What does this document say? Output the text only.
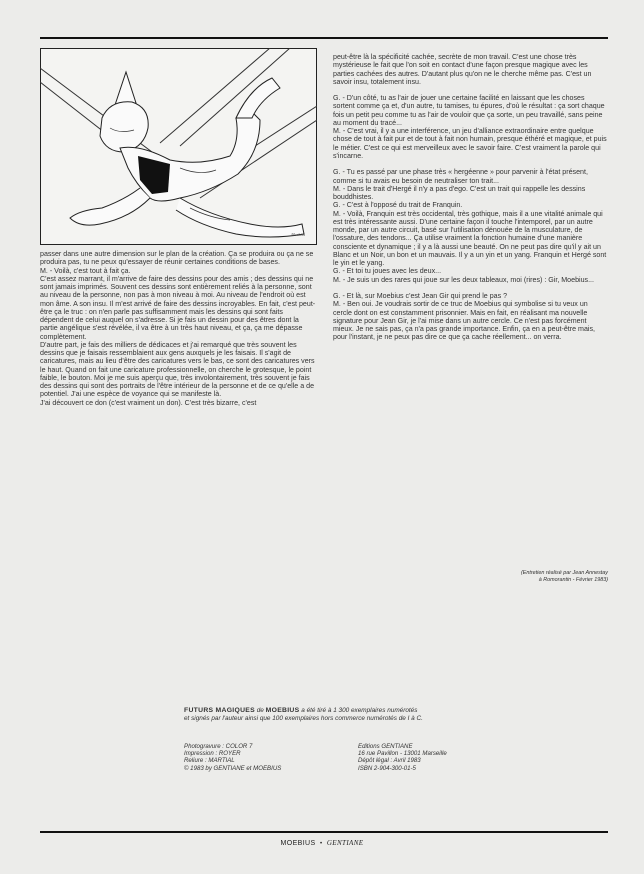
Moebius

passer dans une autre dimension sur le plan de la création. Ça se produira ou ça ne se produira pas, tu ne peux qu'essayer de réunir certaines conditions de bases.

M. - Voilà, c'est tout à fait ça.

C'est assez marrant, il m'arrive de faire des dessins pour des amis ; des dessins qui ne sont jamais imprimés. Souvent ces dessins sont entièrement reliés à la personne, sont au niveau de la personne, non pas à mon niveau à moi. Au niveau de l'endroit où est mon âme. A son insu. Il m'est arrivé de faire des dessins incroyables. En fait, c'est peut-être ça le truc : on n'en parle pas suffisamment mais les dessins qui sont faits dépendent de celui auquel on s'adresse. Si je fais un dessin pour des êtres dont la partie angélique s'est révélée, il va être à un très haut niveau, et ça, ça me dépasse complètement.

D'autre part, je fais des milliers de dédicaces et j'ai remarqué que très souvent les dessins que je faisais ressemblaient aux gens auxquels je les faisais. Il s'agit de caricatures, mais au lieu d'être des caricatures vers le bas, ce sont des caricatures vers le haut. Quand on fait une caricature professionnelle, on cherche le grotesque, le point faible, le bouton. Moi je me suis aperçu que, très involontairement, très souvent je fais des dessins qui sont des portraits de l'être intérieur de la personne et de ce qu'elle a de potentiel. J'ai une espèce de voyance qui se manifeste là.

J'ai découvert ce don (c'est vraiment un don). C'est très bizarre, c'est

peut-être là la spécificité cachée, secrète de mon travail. C'est une chose très mystérieuse le fait que l'on soit en contact d'une façon presque magique avec les parties cachées des autres. D'autant plus qu'on ne le cherche même pas. C'est un savoir insu, totalement insu.

G. - D'un côté, tu as l'air de jouer une certaine facilité en laissant que les choses sortent comme ça et, d'un autre, tu tamises, tu épures, d'où le résultat : ça sort chaque fois un petit peu comme tu as l'air de vouloir que ça sorte, un peu travaillé, sans peine au moment du tracé...

M. - C'est vrai, il y a une interférence, un jeu d'alliance extraordinaire entre quelque chose de tout à fait pur et de tout à fait non humain, presque éthéré et magique, et puis le métier. C'est ce qui est merveilleux avec le savoir faire. C'est vraiment la parole qui s'incarne.

G. - Tu es passé par une phase très « hergéenne » pour parvenir à l'état présent, comme si tu avais eu besoin de neutraliser ton trait...

M. - Dans le trait d'Hergé il n'y a pas d'ego. C'est un trait qui rappelle les dessins bouddhistes.

G. - C'est à l'opposé du trait de Franquin.

M. - Voilà, Franquin est très occidental, très gothique, mais il a une vitalité animale qui est très intéressante aussi. D'une certaine façon il touche l'intemporel, par un autre monde, par un autre circuit, basé sur l'utilisation dénouée de la musculature, de l'ossature, des tendons... Ça utilise vraiment la fonction humaine d'une manière consciente et dynamique ; il y a là aussi une beauté. On ne peut pas dire qu'il y ait un Blanc et un Noir, un bon et un mauvais. Il y a un yin et un yang. Franquin et Hergé sont le yin et le yang.

G. - Et toi tu joues avec les deux...

M. - Je suis un des rares qui joue sur les deux tableaux, moi (rires) : Gir, Moebius...

G. - Et là, sur Moebius c'est Jean Gir qui prend le pas ?

M. - Ben oui. Je voudrais sortir de ce truc de Moebius qui symbolise si tu veux un cercle dont on est constamment prisonnier. Mais en fait, en réalisant ma nouvelle signature pour Jean Gir, je l'ai mise dans un autre cercle. Ce n'est pas forcément mieux. Je ne sais pas, ça n'a pas grande importance. Enfin, ça en a peut-être mais, pour l'instant, je ne peux pas dire ce que ça cache réellement... on verra.

(Entretien réalisé par Jean Annestay
à Romorantin - Février 1983)
FUTURS MAGIQUES de MOEBIUS a été tiré à 1 300 exemplaires numérotés
et signés par l'auteur ainsi que 100 exemplaires hors commerce numérotés de I à C.
Photogravure : COLOR 7
Impression : ROYER
Reliure : MARTIAL
© 1983 by GENTIANE et MOEBIUS
Editions GENTIANE
16 rue Pavillon - 13001 Marseille
Dépôt légal : Avril 1983
ISBN 2-904-300-01-5
MOEBIUS • GENTIANE
